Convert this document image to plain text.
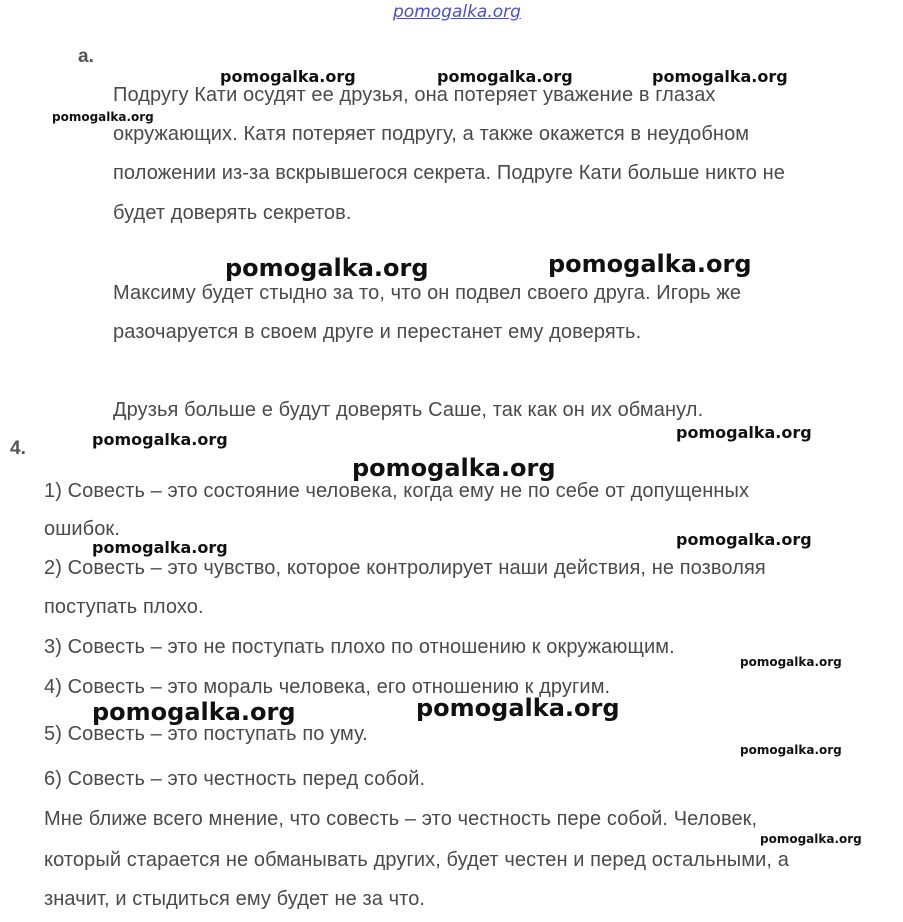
pomogalka.org
a.
Подругу Кати осудят ее друзья, она потеряет уважение в глазах
окружающих. Катя потеряет подругу, а также окажется в неудобном
положении из-за вскрывшегося секрета. Подруге Кати больше никто не
будет доверять секретов.
Максиму будет стыдно за то, что он подвел своего друга. Игорь же
разочаруется в своем друге и перестанет ему доверять.
Друзья больше е будут доверять Саше, так как он их обманул.
4.
1) Совесть – это состояние человека, когда ему не по себе от допущенных
ошибок.
2) Совесть – это чувство, которое контролирует наши действия, не позволяя
поступать плохо.
3) Совесть – это не поступать плохо по отношению к окружающим.
4) Совесть – это мораль человека, его отношению к другим.
5) Совесть – это поступать по уму.
6) Совесть – это честность перед собой.
Мне ближе всего мнение, что совесть – это честность пере собой. Человек,
который старается не обманывать других, будет честен и перед остальными, а
значит, и стыдиться ему будет не за что.
pomogalka.org	pomogalka.org	pomogalka.org
pomogalka.org
pomogalka.org	pomogalka.org
pomogalka.org	pomogalka.org
pomogalka.org
pomogalka.org	pomogalka.org
pomogalka.org
pomogalka.org	pomogalka.org
pomogalka.org
pomogalka.org
